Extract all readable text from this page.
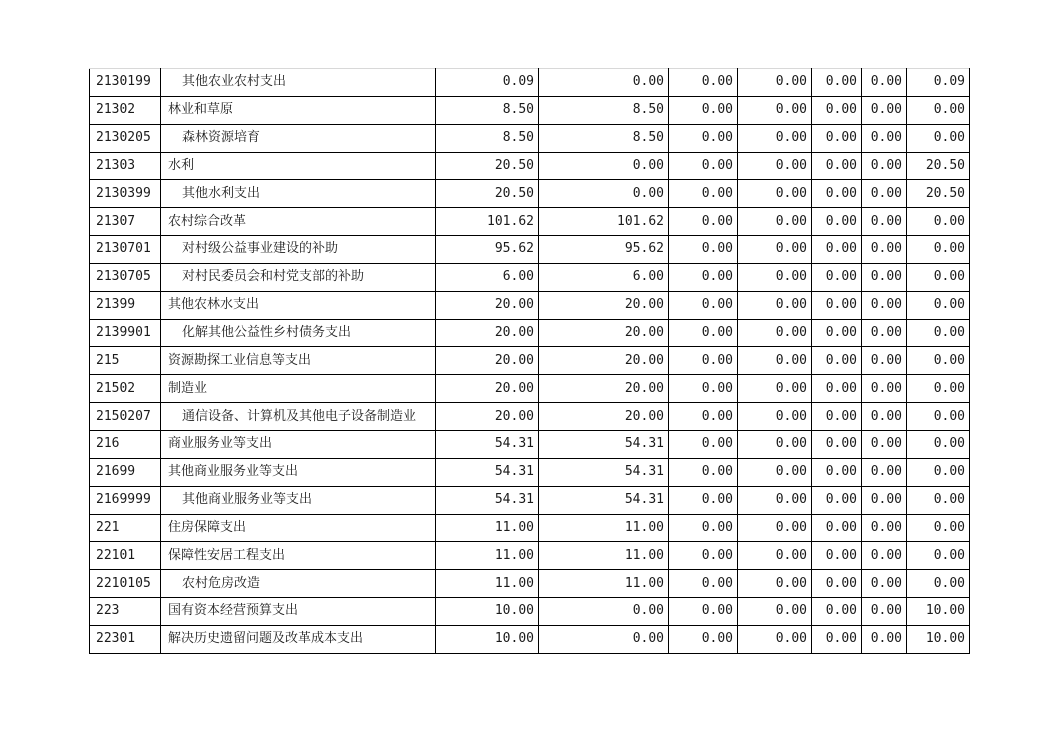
2130199	其他农业农村支出	0.09	0.00	0.00	0.00	0.00	0.00	0.09
21302	林业和草原	8.50	8.50	0.00	0.00	0.00	0.00	0.00
2130205	森林资源培育	8.50	8.50	0.00	0.00	0.00	0.00	0.00
21303	水利	20.50	0.00	0.00	0.00	0.00	0.00	20.50
2130399	其他水利支出	20.50	0.00	0.00	0.00	0.00	0.00	20.50
21307	农村综合改革	101.62	101.62	0.00	0.00	0.00	0.00	0.00
2130701	对村级公益事业建设的补助	95.62	95.62	0.00	0.00	0.00	0.00	0.00
2130705	对村民委员会和村党支部的补助	6.00	6.00	0.00	0.00	0.00	0.00	0.00
21399	其他农林水支出	20.00	20.00	0.00	0.00	0.00	0.00	0.00
2139901	化解其他公益性乡村债务支出	20.00	20.00	0.00	0.00	0.00	0.00	0.00
215	资源勘探工业信息等支出	20.00	20.00	0.00	0.00	0.00	0.00	0.00
21502	制造业	20.00	20.00	0.00	0.00	0.00	0.00	0.00
2150207	通信设备、计算机及其他电子设备制造业	20.00	20.00	0.00	0.00	0.00	0.00	0.00
216	商业服务业等支出	54.31	54.31	0.00	0.00	0.00	0.00	0.00
21699	其他商业服务业等支出	54.31	54.31	0.00	0.00	0.00	0.00	0.00
2169999	其他商业服务业等支出	54.31	54.31	0.00	0.00	0.00	0.00	0.00
221	住房保障支出	11.00	11.00	0.00	0.00	0.00	0.00	0.00
22101	保障性安居工程支出	11.00	11.00	0.00	0.00	0.00	0.00	0.00
2210105	农村危房改造	11.00	11.00	0.00	0.00	0.00	0.00	0.00
223	国有资本经营预算支出	10.00	0.00	0.00	0.00	0.00	0.00	10.00
22301	解决历史遗留问题及改革成本支出	10.00	0.00	0.00	0.00	0.00	0.00	10.00
